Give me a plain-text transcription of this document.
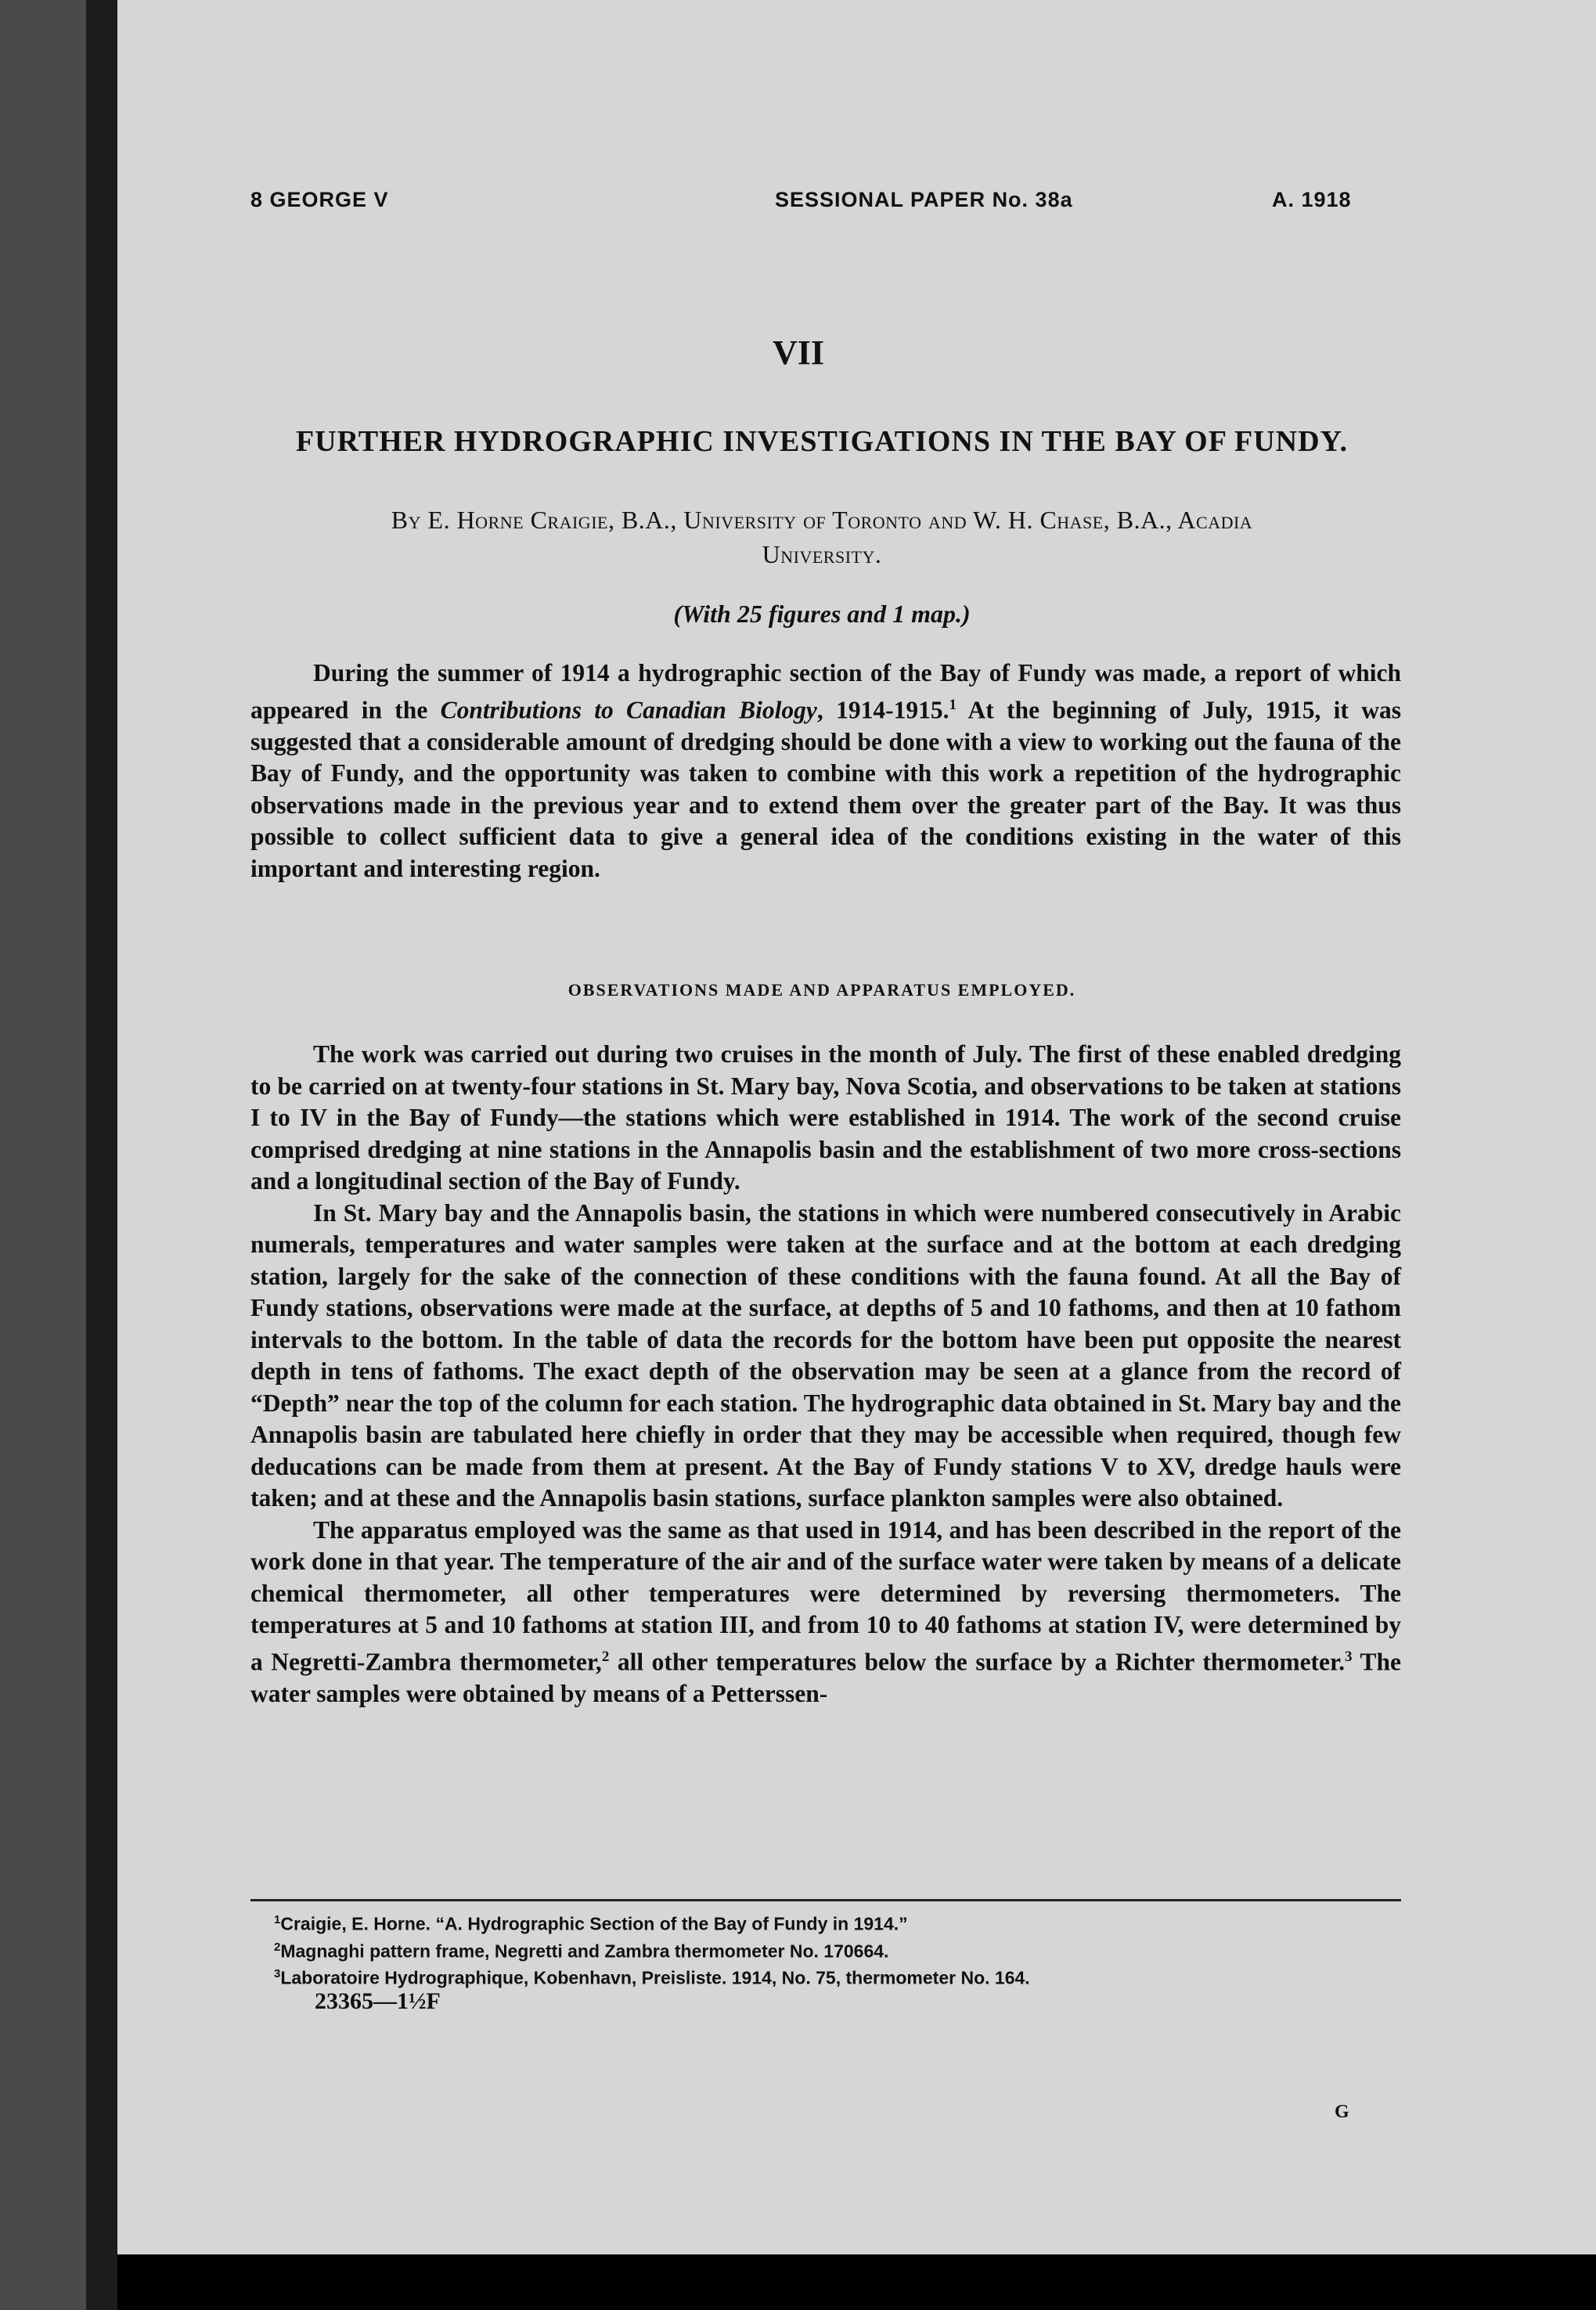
8 GEORGE V	SESSIONAL PAPER No. 38a	A. 1918
VII
FURTHER HYDROGRAPHIC INVESTIGATIONS IN THE BAY OF FUNDY.
By E. Horne Craigie, B.A., University of Toronto and W. H. Chase, B.A., Acadia
University.
(With 25 figures and 1 map.)

During the summer of 1914 a hydrographic section of the Bay of Fundy was made, a report of which appeared in the Contributions to Canadian Biology, 1914-1915.$^1$ At the beginning of July, 1915, it was suggested that a considerable amount of dredging should be done with a view to working out the fauna of the Bay of Fundy, and the opportunity was taken to combine with this work a repetition of the hydrographic observations made in the previous year and to extend them over the greater part of the Bay. It was thus possible to collect sufficient data to give a general idea of the conditions existing in the water of this important and interesting region.

OBSERVATIONS MADE AND APPARATUS EMPLOYED.

The work was carried out during two cruises in the month of July. The first of these enabled dredging to be carried on at twenty-four stations in St. Mary bay, Nova Scotia, and observations to be taken at stations I to IV in the Bay of Fundy—the stations which were established in 1914. The work of the second cruise comprised dredging at nine stations in the Annapolis basin and the establishment of two more cross-sections and a longitudinal section of the Bay of Fundy.

In St. Mary bay and the Annapolis basin, the stations in which were numbered consecutively in Arabic numerals, temperatures and water samples were taken at the surface and at the bottom at each dredging station, largely for the sake of the connection of these conditions with the fauna found. At all the Bay of Fundy stations, observations were made at the surface, at depths of 5 and 10 fathoms, and then at 10 fathom intervals to the bottom. In the table of data the records for the bottom have been put opposite the nearest depth in tens of fathoms. The exact depth of the observation may be seen at a glance from the record of “Depth” near the top of the column for each station. The hydrographic data obtained in St. Mary bay and the Annapolis basin are tabulated here chiefly in order that they may be accessible when required, though few deducations can be made from them at present. At the Bay of Fundy stations V to XV, dredge hauls were taken; and at these and the Annapolis basin stations, surface plankton samples were also obtained.

The apparatus employed was the same as that used in 1914, and has been described in the report of the work done in that year. The temperature of the air and of the surface water were taken by means of a delicate chemical thermometer, all other temperatures were determined by reversing thermometers. The temperatures at 5 and 10 fathoms at station III, and from 10 to 40 fathoms at station IV, were determined by a Negretti-Zambra thermometer,$^2$ all other temperatures below the surface by a Richter thermometer.$^3$ The water samples were obtained by means of a Petterssen-

$^1$Craigie, E. Horne. “A. Hydrographic Section of the Bay of Fundy in 1914.”
$^2$Magnaghi pattern frame, Negretti and Zambra thermometer No. 170664.
$^3$Laboratoire Hydrographique, Kobenhavn, Preisliste. 1914, No. 75, thermometer No. 164.
23365—1½F
G
